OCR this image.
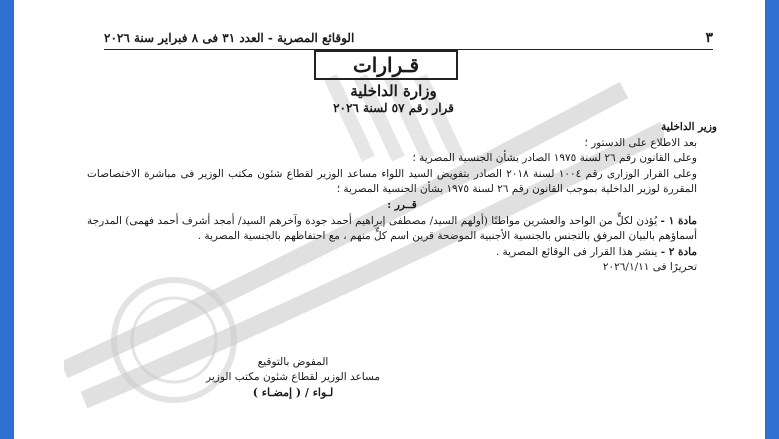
٣
الوقائع المصرية - العدد ٣١ فى ٨ فبراير سنة ٢٠٢٦
قـرارات
وزارة الداخلية
قرار رقم ٥٧ لسنة ٢٠٢٦

وزير الداخلية

بعد الاطلاع على الدستور ؛

وعلى القانون رقم ٢٦ لسنة ١٩٧٥ الصادر بشأن الجنسية المصرية ؛

وعلى القرار الوزارى رقم ١٠٠٤ لسنة ٢٠١٨ الصادر بتفويض السيد اللواء مساعد الوزير لقطاع شئون مكتب الوزير فى مباشرة الاختصاصات المقررة لوزير الداخلية بموجب القانون رقم ٢٦ لسنة ١٩٧٥ بشأن الجنسية المصرية ؛

قــرر :

مادة ١ - يُؤذن لكلٍّ من الواحد والعشرين مواطنًا (أولهم السيد/ مصطفى إبراهيم أحمد جودة وآخرهم السيد/ أمجد أشرف أحمد فهمى) المدرجة أسماؤهم بالبيان المرفق بالتجنس بالجنسية الأجنبية الموضحة قرين اسم كلٍّ منهم ، مع احتفاظهم بالجنسية المصرية .

مادة ٢ - ينشر هذا القرار فى الوقائع المصرية .

تحريرًا فى ٢٠٢٦/١/١١

المفوض بالتوقيع
مساعد الوزير لقطاع شئون مكتب الوزير
لـواء / ( إمضـاء )
